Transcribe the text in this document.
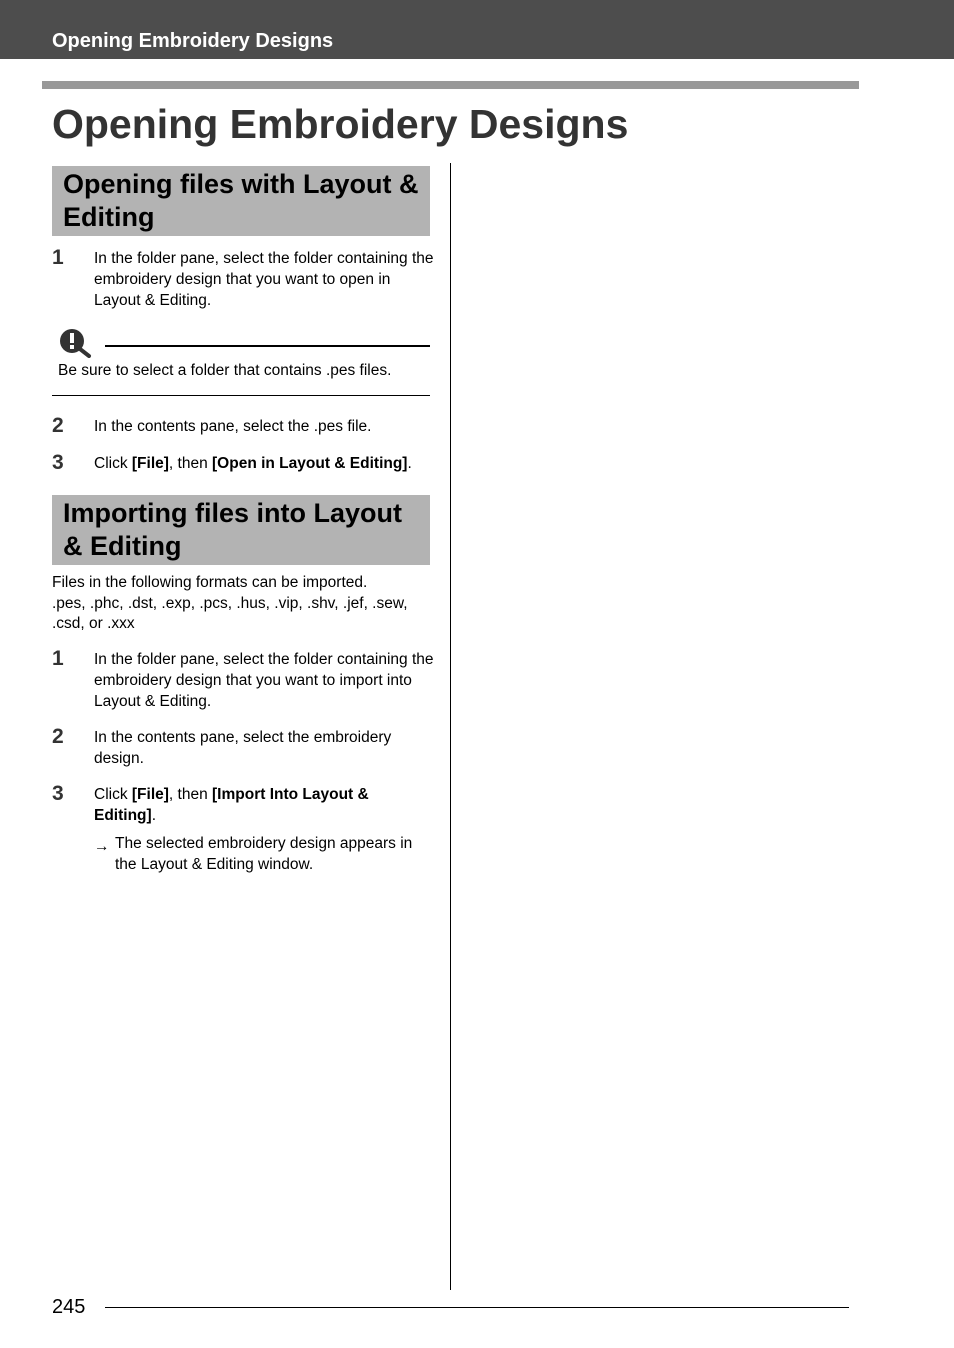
Opening Embroidery Designs
Opening Embroidery Designs
Opening files with Layout & Editing
1 In the folder pane, select the folder containing the embroidery design that you want to open in Layout & Editing.
Be sure to select a folder that contains .pes files.
2 In the contents pane, select the .pes file.
3 Click [File], then [Open in Layout & Editing].
Importing files into Layout & Editing
Files in the following formats can be imported.
.pes, .phc, .dst, .exp, .pcs, .hus, .vip, .shv, .jef, .sew, .csd, or .xxx
1 In the folder pane, select the folder containing the embroidery design that you want to import into Layout & Editing.
2 In the contents pane, select the embroidery design.
3 Click [File], then [Import Into Layout & Editing].
→ The selected embroidery design appears in the Layout & Editing window.
245
